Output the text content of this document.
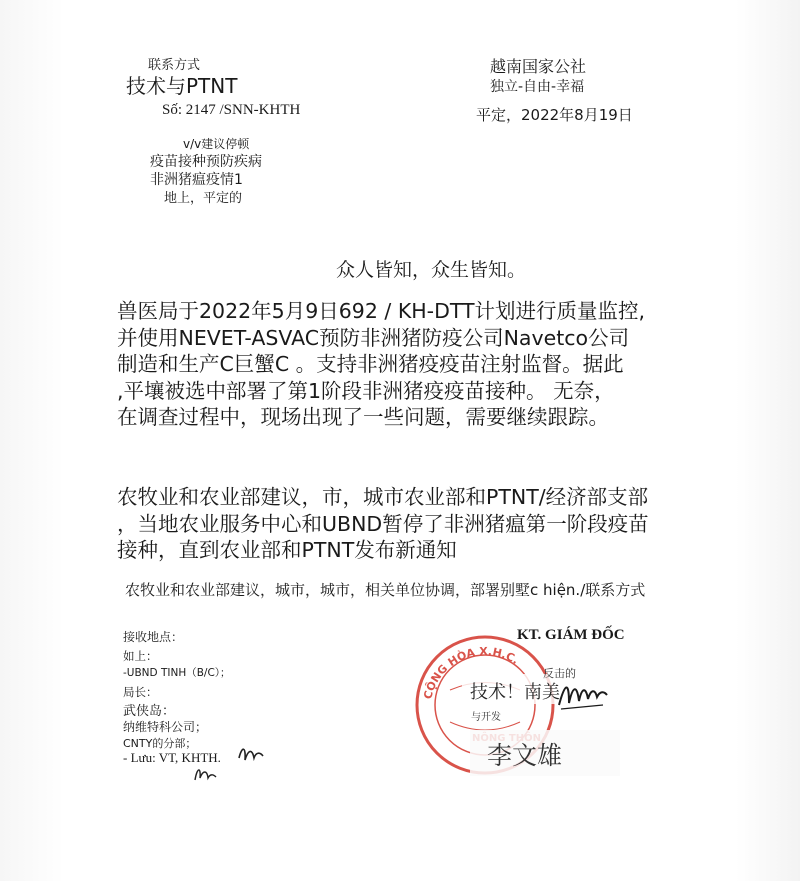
联系方式
技术与PTNT
Số: 2147 /SNN-KHTH
v/v建议停顿
疫苗接种预防疾病
非洲猪瘟疫情1
地上，平定的
越南国家公社
独立-自由-幸福
平定，2022年8月19日
众人皆知，众生皆知。
兽医局于2022年5月9日692 / KH-DTT计划进行质量监控,
并使用NEVET-ASVAC预防非洲猪防疫公司Navetco公司
制造和生产C巨蟹C 。支持非洲猪疫疫苗注射监督。据此
,平壤被选中部署了第1阶段非洲猪疫疫苗接种。 无奈，
在调查过程中，现场出现了一些问题，需要继续跟踪。
农牧业和农业部建议，市，城市农业部和PTNT/经济部支部
，当地农业服务中心和UBND暂停了非洲猪瘟第一阶段疫苗
接种，直到农业部和PTNT发布新通知
农牧业和农业部建议，城市，城市，相关单位协调，部署别墅c hiện./联系方式
接收地点：
如上：
-UBND TINH（B/C）；
局长：
武侠岛：
纳维特科公司；
CNTY的分部；
- Lưu: VT, KHTH.
KT. GIÁM ĐỐC
CỘNG HÒA X.H.C.
反击的
技术！南美
与开发
李文雄
